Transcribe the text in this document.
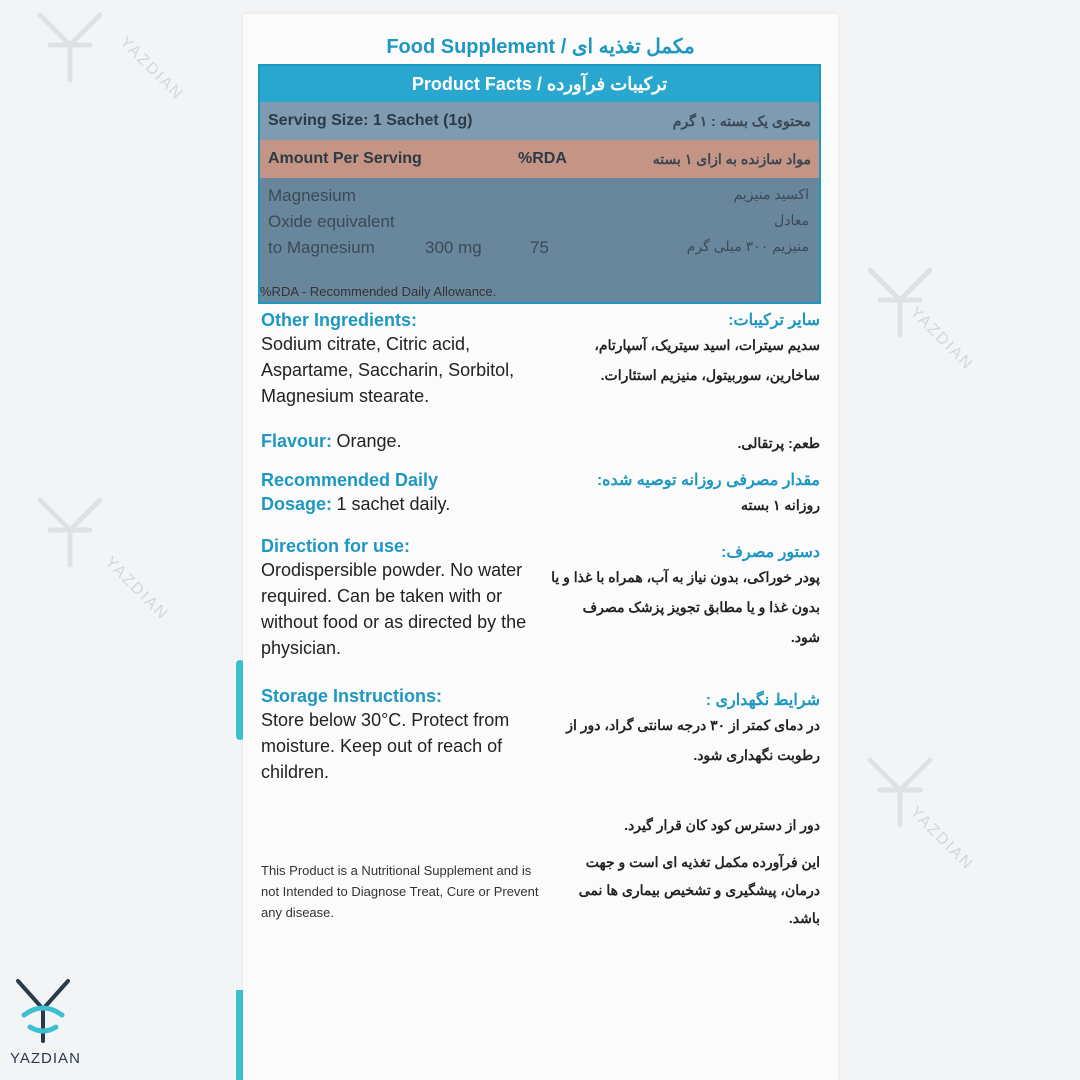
YAZDIAN
YAZDIAN
YAZDIAN
YAZDIAN
Food Supplement / مکمل تغذیه ای
Product Facts / ترکیبات فرآورده
Serving Size: 1 Sachet (1g)	محتوی یک بسته : ۱ گرم
Amount Per Serving	%RDA	مواد سازنده به ازای ۱ بسته
Magnesium
Oxide equivalent
to Magnesium	300 mg	75
اکسید منیزیم
معادل
منیزیم ۳۰۰ میلی گرم
%RDA - Recommended Daily Allowance.
Other Ingredients:
Sodium citrate, Citric acid, Aspartame, Saccharin, Sorbitol, Magnesium stearate.
سایر ترکیبات:
سدیم سیترات، اسید سیتریک، آسپارتام، ساخارین، سوربیتول، منیزیم استئارات.
Flavour: Orange.	طعم: پرتقالی.
Recommended Daily
Dosage: 1 sachet daily.
مقدار مصرفی روزانه توصیه شده:
روزانه ۱ بسته
Direction for use:
Orodispersible powder. No water required. Can be taken with or without food or as directed by the physician.
دستور مصرف:
پودر خوراکی، بدون نیاز به آب، همراه با غذا و یا بدون غذا و یا مطابق تجویز پزشک مصرف شود.
Storage Instructions:
Store below 30°C. Protect from moisture. Keep out of reach of children.
شرایط نگهداری :
در دمای کمتر از ۳۰ درجه سانتی گراد، دور از رطوبت نگهداری شود.
دور از دسترس کود کان قرار گیرد.
This Product is a Nutritional Supplement and is not Intended to Diagnose Treat, Cure or Prevent any disease.
این فرآورده مکمل تغذیه ای است و جهت درمان، پیشگیری و تشخیص بیماری ها نمی باشد.
YAZDIAN
